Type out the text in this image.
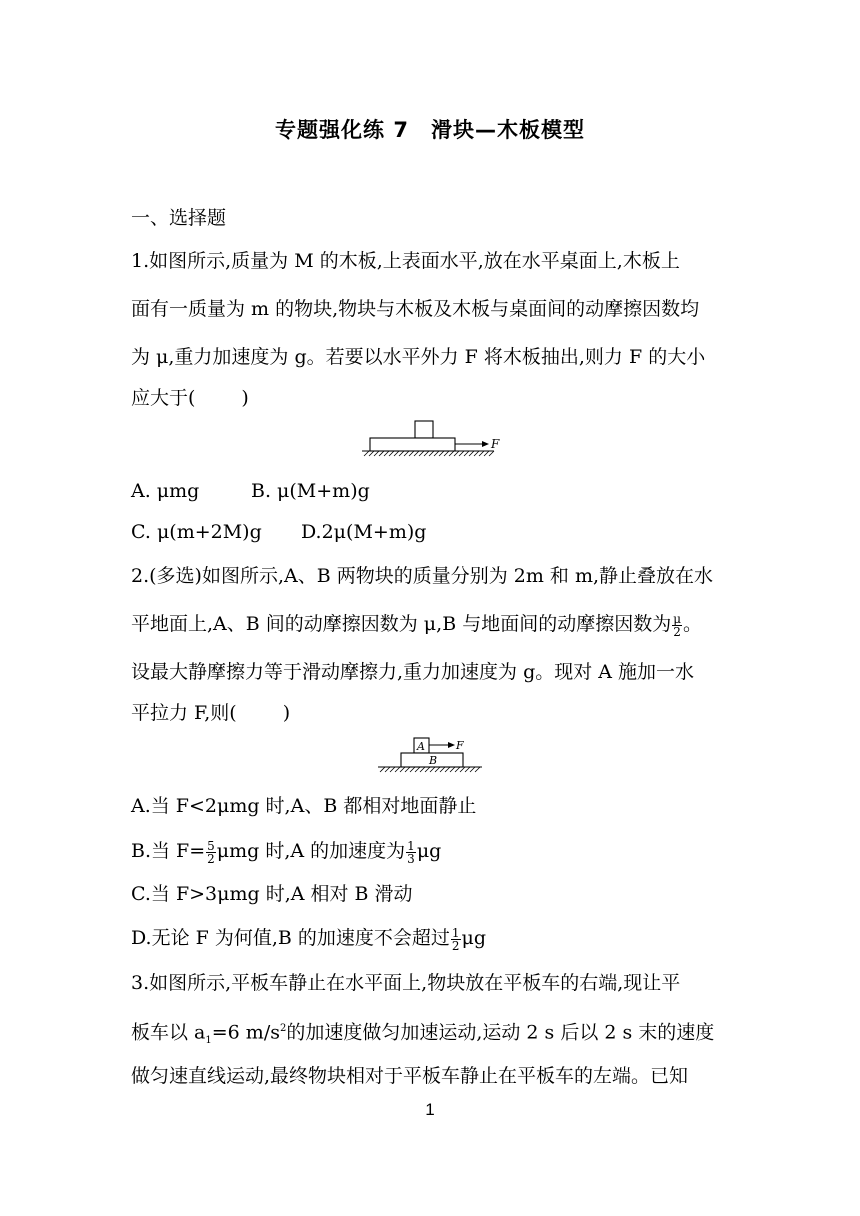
专题强化练 7　滑块—木板模型
一、选择题
1.如图所示,质量为 M 的木板,上表面水平,放在水平桌面上,木板上
面有一质量为 m 的物块,物块与木板及木板与桌面间的动摩擦因数均
为 μ,重力加速度为 g。若要以水平外力 F 将木板抽出,则力 F 的大小
应大于( )
F
A. μmg	B. μ(M+m)g
C. μ(m+2M)g D.2μ(M+m)g
2.(多选)如图所示,A、B 两物块的质量分别为 2m 和 m,静止叠放在水
平地面上,A、B 间的动摩擦因数为 μ,B 与地面间的动摩擦因数为 $\frac{\mu}{2}$ 。
设最大静摩擦力等于滑动摩擦力,重力加速度为 g。现对 A 施加一水
平拉力 F,则( )
A	F
B
A.当 F<2μmg 时,A、B 都相对地面静止
B.当 $F= \frac{5}{2}$ μmg 时,A 的加速度为 $\frac{1}{3}$ μg
C.当 F>3μmg 时,A 相对 B 滑动
D.无论 F 为何值,B 的加速度不会超过 $\frac{1}{2}$ μg
3.如图所示,平板车静止在水平面上,物块放在平板车的右端,现让平
板车以 $a_1=6$ $m/s^2$的加速度做匀加速运动,运动 2 s 后以 2 s 末的速度
做匀速直线运动,最终物块相对于平板车静止在平板车的左端。已知
1
